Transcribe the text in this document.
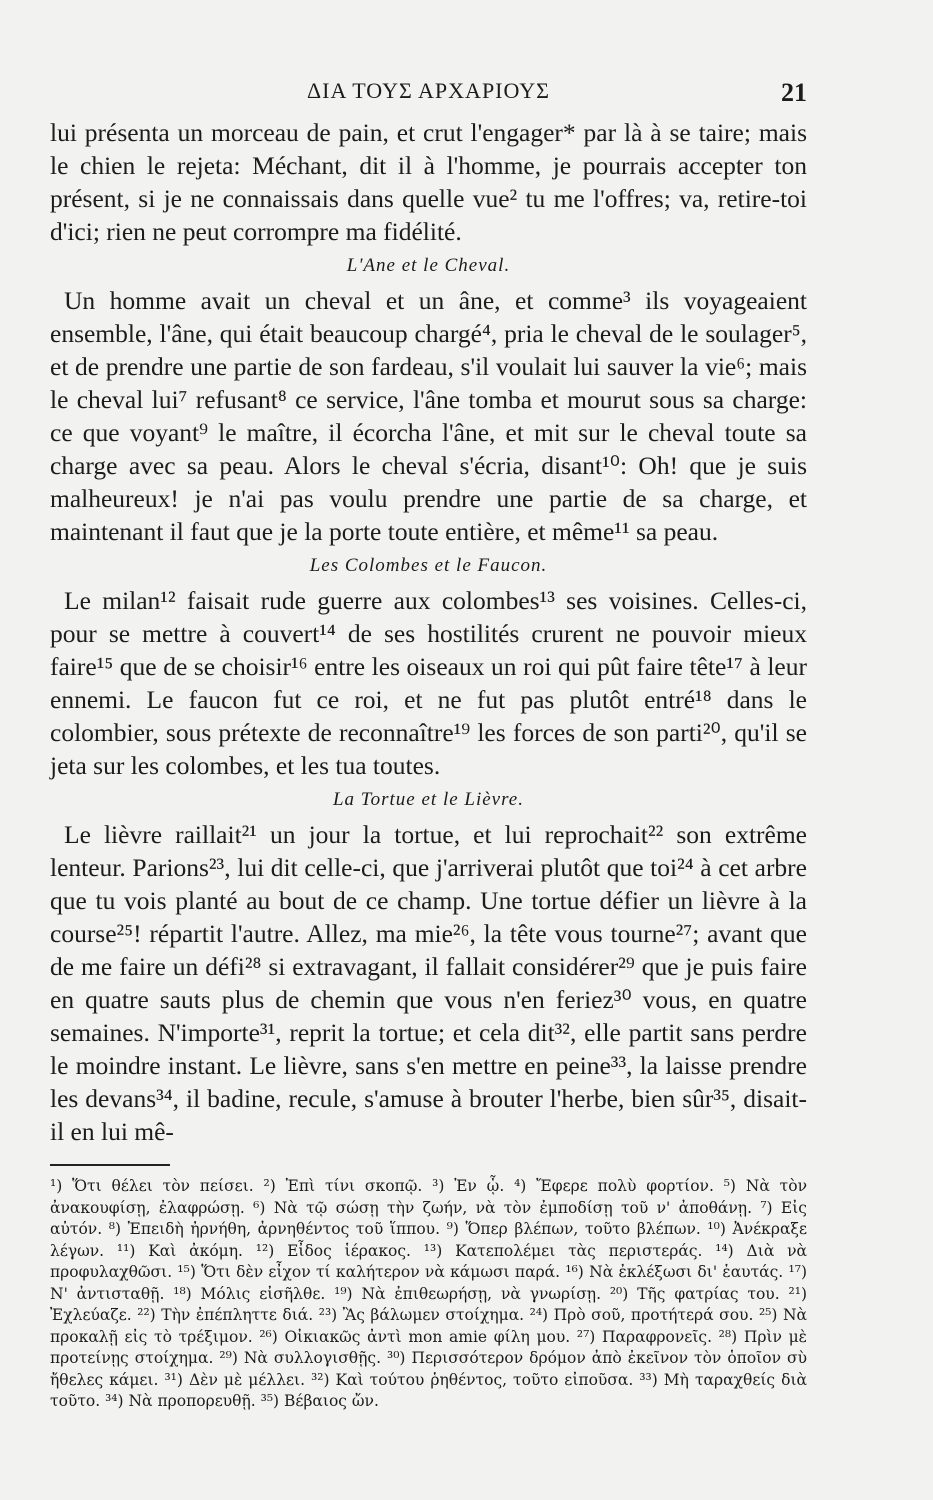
ΔΙΑ ΤΟΥΣ ΑΡΧΑΡΙΟΥΣ	21

lui présenta un morceau de pain, et crut l'engager* par là à se taire; mais le chien le rejeta: Méchant, dit il à l'homme, je pourrais accepter ton présent, si je ne connaissais dans quelle vue² tu me l'offres; va, retire-toi d'ici; rien ne peut corrompre ma fidélité.

L'Ane et le Cheval.

Un homme avait un cheval et un âne, et comme³ ils voyageaient ensemble, l'âne, qui était beaucoup chargé⁴, pria le cheval de le soulager⁵, et de prendre une partie de son fardeau, s'il voulait lui sauver la vie⁶; mais le cheval lui⁷ refusant⁸ ce service, l'âne tomba et mourut sous sa charge: ce que voyant⁹ le maître, il écorcha l'âne, et mit sur le cheval toute sa charge avec sa peau. Alors le cheval s'écria, disant¹⁰: Oh! que je suis malheureux! je n'ai pas voulu prendre une partie de sa charge, et maintenant il faut que je la porte toute entière, et même¹¹ sa peau.

Les Colombes et le Faucon.

Le milan¹² faisait rude guerre aux colombes¹³ ses voisines. Celles-ci, pour se mettre à couvert¹⁴ de ses hostilités crurent ne pouvoir mieux faire¹⁵ que de se choisir¹⁶ entre les oiseaux un roi qui pût faire tête¹⁷ à leur ennemi. Le faucon fut ce roi, et ne fut pas plutôt entré¹⁸ dans le colombier, sous prétexte de reconnaître¹⁹ les forces de son parti²⁰, qu'il se jeta sur les colombes, et les tua toutes.

La Tortue et le Lièvre.

Le lièvre raillait²¹ un jour la tortue, et lui reprochait²² son extrême lenteur. Parions²³, lui dit celle-ci, que j'arriverai plutôt que toi²⁴ à cet arbre que tu vois planté au bout de ce champ. Une tortue défier un lièvre à la course²⁵! répartit l'autre. Allez, ma mie²⁶, la tête vous tourne²⁷; avant que de me faire un défi²⁸ si extravagant, il fallait considérer²⁹ que je puis faire en quatre sauts plus de chemin que vous n'en feriez³⁰ vous, en quatre semaines. N'importe³¹, reprit la tortue; et cela dit³², elle partit sans perdre le moindre instant. Le lièvre, sans s'en mettre en peine³³, la laisse prendre les devans³⁴, il badine, recule, s'amuse à brouter l'herbe, bien sûr³⁵, disait-il en lui mê-

¹) Ὅτι θέλει τὸν πείσει. ²) Ἐπὶ τίνι σκοπῷ. ³) Ἐν ᾧ. ⁴) Ἔφερε πολὺ φορτίον. ⁵) Νὰ τὸν ἀνακουφίσῃ, ἐλαφρώσῃ. ⁶) Νὰ τῷ σώσῃ τὴν ζωήν, νὰ τὸν ἐμποδίσῃ τοῦ ν' ἀποθάνῃ. ⁷) Εἰς αὐτόν. ⁸) Ἐπειδὴ ἠρνήθη, ἀρνηθέντος τοῦ ἵππου. ⁹) Ὅπερ βλέπων, τοῦτο βλέπων. ¹⁰) Ἀνέκραξε λέγων. ¹¹) Καὶ ἀκόμη. ¹²) Εἶδος ἱέρακος. ¹³) Κατεπολέμει τὰς περιστεράς. ¹⁴) Διὰ νὰ προφυλαχθῶσι. ¹⁵) Ὅτι δὲν εἶχον τί καλήτερον νὰ κάμωσι παρά. ¹⁶) Νὰ ἐκλέξωσι δι' ἑαυτάς. ¹⁷) Ν' ἀντισταθῇ. ¹⁸) Μόλις εἰσῆλθε. ¹⁹) Νὰ ἐπιθεωρήσῃ, νὰ γνωρίσῃ. ²⁰) Τῆς φατρίας του. ²¹) Ἐχλεύαζε. ²²) Τὴν ἐπέπληττε διά. ²³) Ἂς βάλωμεν στοίχημα. ²⁴) Πρὸ σοῦ, προτήτερά σου. ²⁵) Νὰ προκαλῇ εἰς τὸ τρέξιμον. ²⁶) Οἰκιακῶς ἀντὶ mon amie φίλη μου. ²⁷) Παραφρονεῖς. ²⁸) Πρὶν μὲ προτείνῃς στοίχημα. ²⁹) Νὰ συλλογισθῇς. ³⁰) Περισσότερον δρόμον ἀπὸ ἐκεῖνον τὸν ὁποῖον σὺ ἤθελες κάμει. ³¹) Δὲν μὲ μέλλει. ³²) Καὶ τούτου ῥηθέντος, τοῦτο εἰποῦσα. ³³) Μὴ ταραχθείς διὰ τοῦτο. ³⁴) Νὰ προπορευθῇ. ³⁵) Βέβαιος ὤν.
